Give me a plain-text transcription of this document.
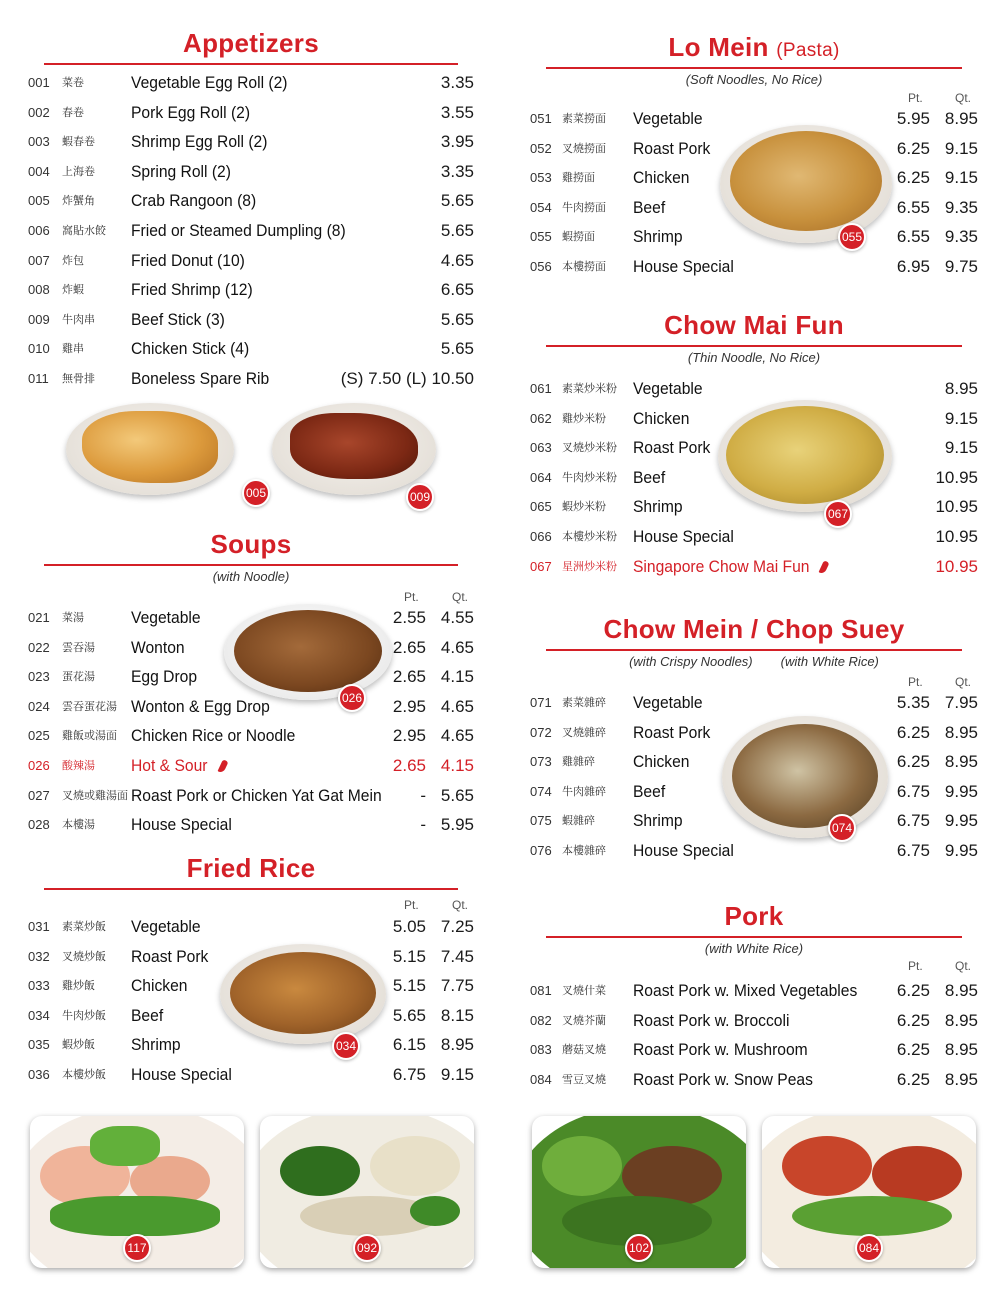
Appetizers
001 菜卷	Vegetable Egg Roll (2)	3.35
002 春卷	Pork Egg Roll (2)	3.55
003 蝦春卷 Shrimp Egg Roll (2)	3.95
004 上海卷 Spring Roll (2)	3.35
005 炸蟹角 Crab Rangoon (8)	5.65
006 窩貼水餃 Fried or Steamed Dumpling (8)	5.65
007 炸包	Fried Donut (10)	4.65
008 炸蝦	Fried Shrimp (12)	6.65
009 牛肉串 Beef Stick (3)	5.65
010 雞串	Chicken Stick (4)	5.65
011 無骨排 Boneless Spare Rib	(S) 7.50 (L) 10.50
005	009
Soups
(with Noodle)
Pt.	Qt.
026
021 菜湯	Vegetable	2.55 4.55
022 雲吞湯 Wonton	2.65 4.65
023 蛋花湯 Egg Drop	2.65 4.15
024 雲吞蛋花湯 Wonton & Egg Drop	2.95 4.65
025 雞飯或湯面 Chicken Rice or Noodle	2.95 4.65
026 酸辣湯 Hot & Sour	2.65 4.15
027 叉燒或雞湯面 Roast Pork or Chicken Yat Gat Mein - 5.65
028 本樓湯 House Special	- 5.95
Fried Rice
Pt.	Qt.
034
031 素菜炒飯 Vegetable	5.05 7.25
032 叉燒炒飯 Roast Pork	5.15 7.45
033 雞炒飯 Chicken	5.15 7.75
034 牛肉炒飯 Beef	5.65 8.15
035 蝦炒飯 Shrimp	6.15 8.95
036 本樓炒飯 House Special	6.75 9.15
Lo Mein (Pasta)
(Soft Noodles, No Rice)
Pt.	Qt.
055
051 素菜撈面 Vegetable	5.95 8.95
052 叉燒撈面 Roast Pork	6.25 9.15
053 雞撈面 Chicken	6.25 9.15
054 牛肉撈面 Beef	6.55 9.35
055 蝦撈面 Shrimp	6.55 9.35
056 本樓撈面 House Special	6.95 9.75
Chow Mai Fun
(Thin Noodle, No Rice)
067
061 素菜炒米粉 Vegetable	8.95
062 雞炒米粉 Chicken	9.15
063 叉燒炒米粉 Roast Pork	9.15
064 牛肉炒米粉 Beef	10.95
065 蝦炒米粉 Shrimp	10.95
066 本樓炒米粉 House Special	10.95
067 星洲炒米粉 Singapore Chow Mai Fun	10.95
Chow Mein / Chop Suey
(with Crispy Noodles) (with White Rice)
Pt.	Qt.
074
071 素菜雜碎 Vegetable	5.35 7.95
072 叉燒雜碎 Roast Pork	6.25 8.95
073 雞雜碎 Chicken	6.25 8.95
074 牛肉雜碎 Beef	6.75 9.95
075 蝦雜碎 Shrimp	6.75 9.95
076 本樓雜碎 House Special	6.75 9.95
Pork
(with White Rice)
Pt.	Qt.
081 叉燒什菜 Roast Pork w. Mixed Vegetables 6.25 8.95
082 叉燒芥蘭 Roast Pork w. Broccoli	6.25 8.95
083 蘑菇叉燒 Roast Pork w. Mushroom	6.25 8.95
084 雪豆叉燒 Roast Pork w. Snow Peas	6.25 8.95
117	092	102	084
